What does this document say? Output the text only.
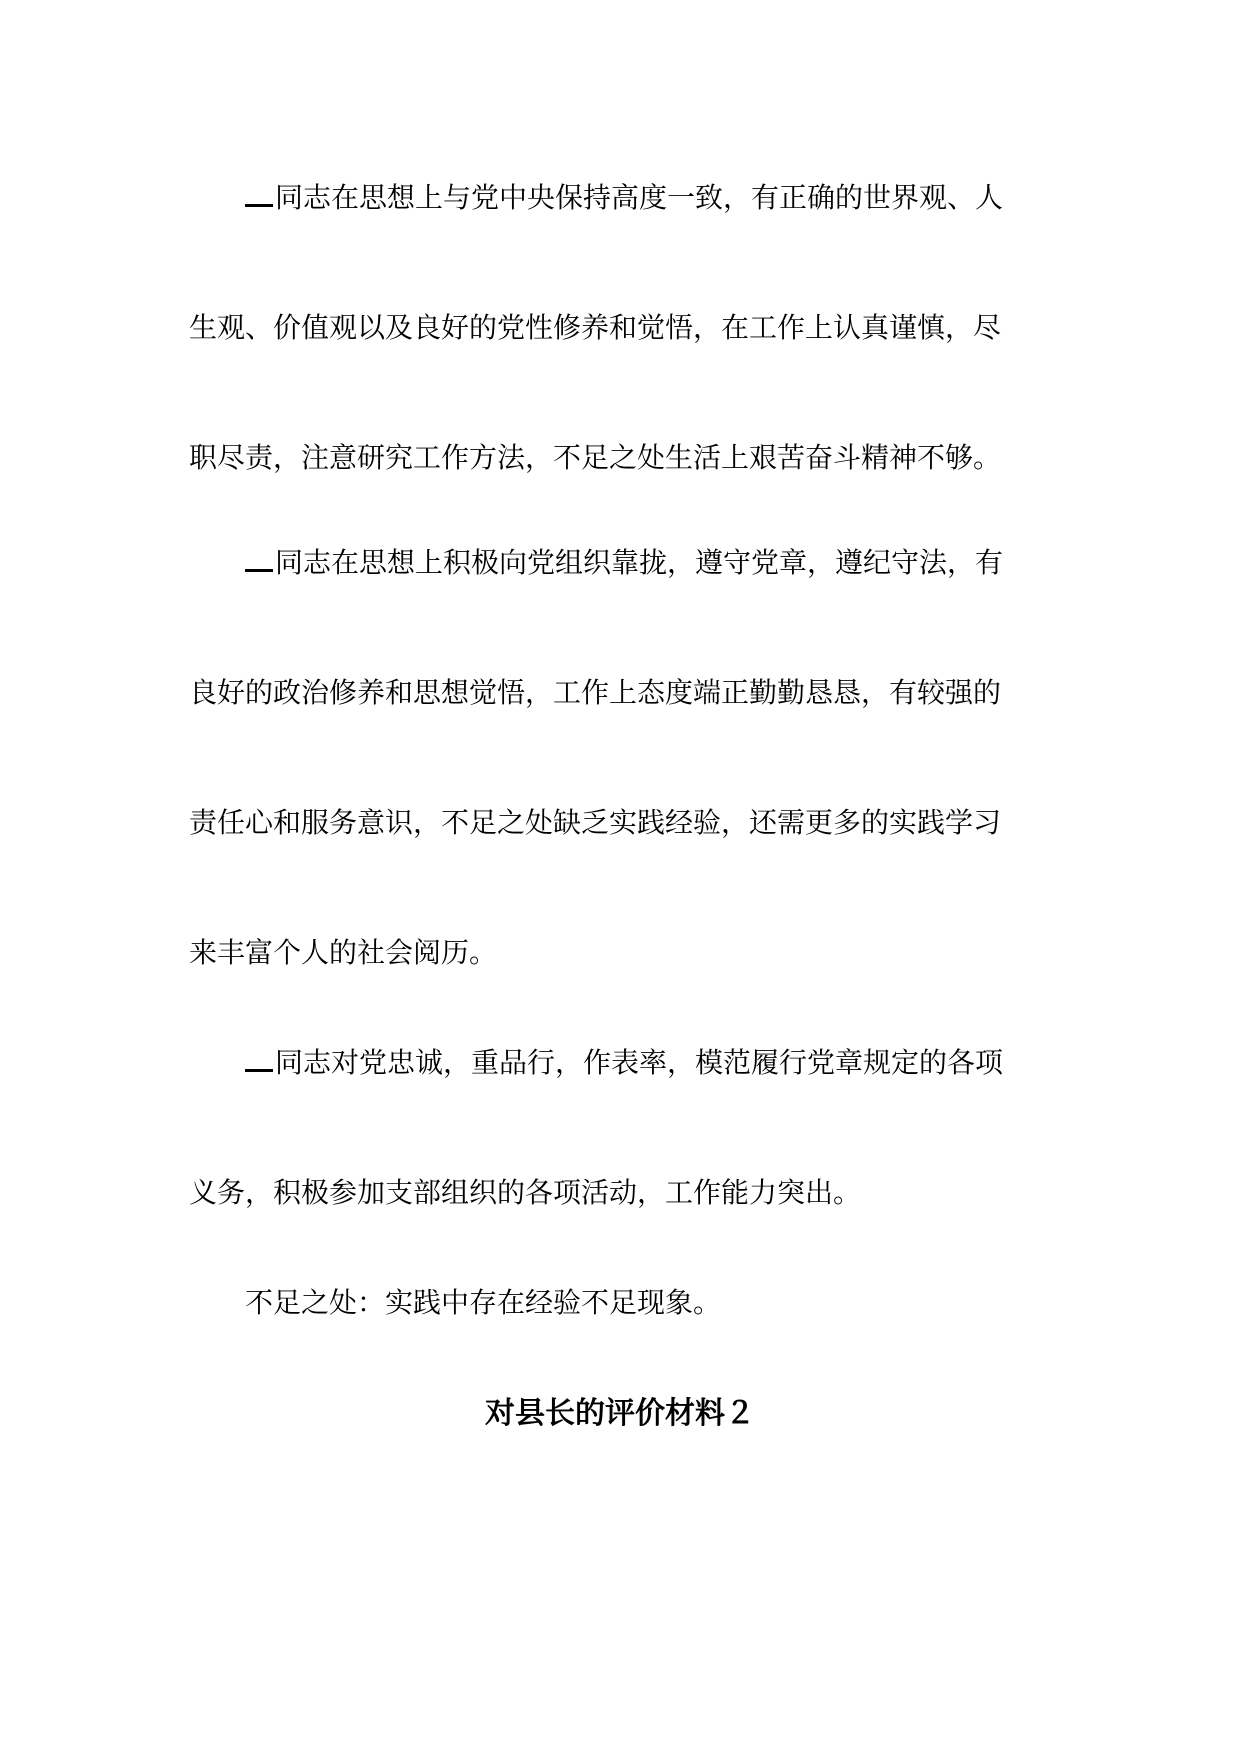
同志在思想上与党中央保持高度一致，有正确的世界观、人
生观、价值观以及良好的党性修养和觉悟，在工作上认真谨慎，尽
职尽责，注意研究工作方法，不足之处生活上艰苦奋斗精神不够。
同志在思想上积极向党组织靠拢，遵守党章，遵纪守法，有
良好的政治修养和思想觉悟，工作上态度端正勤勤恳恳，有较强的
责任心和服务意识，不足之处缺乏实践经验，还需更多的实践学习
来丰富个人的社会阅历。
同志对党忠诚，重品行，作表率，模范履行党章规定的各项
义务，积极参加支部组织的各项活动，工作能力突出。
不足之处：实践中存在经验不足现象。
对县长的评价材料２
